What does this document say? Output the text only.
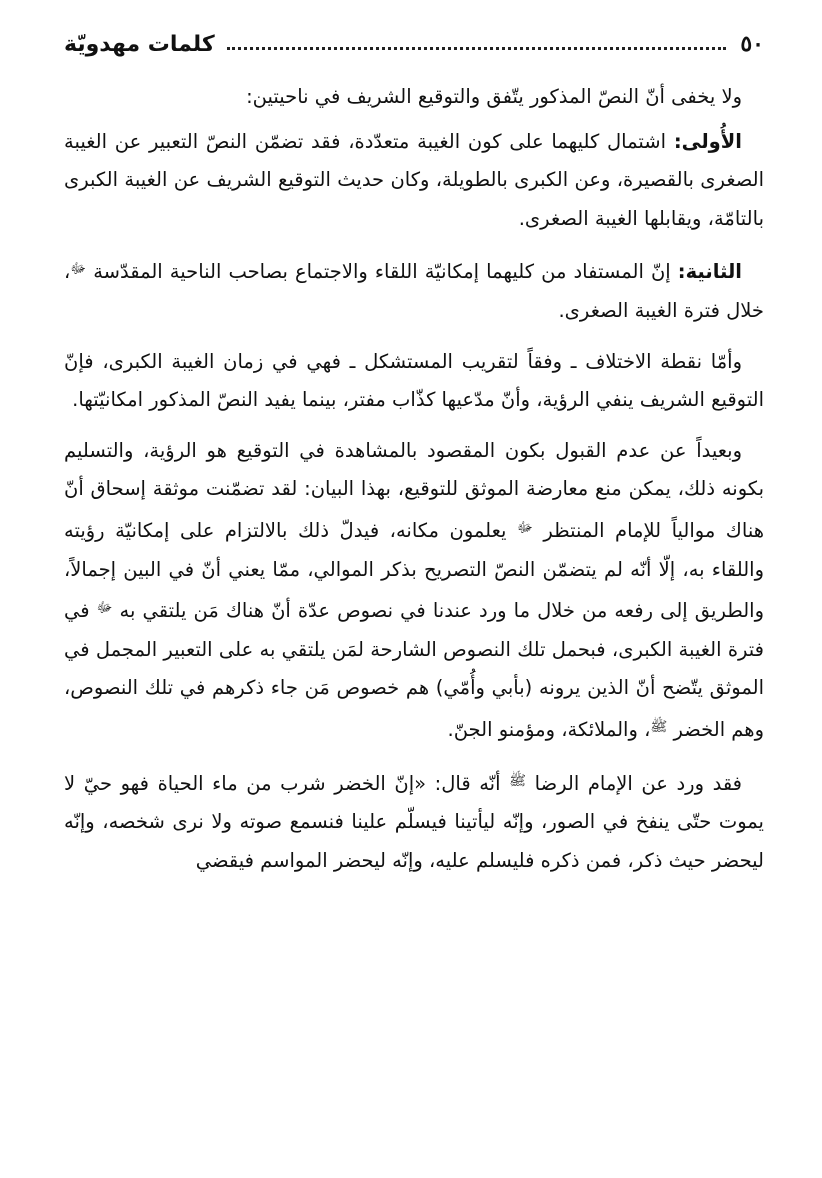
٥٠
كلمات مهدويّة

ولا يخفى أنّ النصّ المذكور يتّفق والتوقيع الشريف في ناحيتين:

الأُولى: اشتمال كليهما على كون الغيبة متعدّدة، فقد تضمّن النصّ التعبير عن الغيبة الصغرى بالقصيرة، وعن الكبرى بالطويلة، وكان حديث التوقيع الشريف عن الغيبة الكبرى بالتامّة، ويقابلها الغيبة الصغرى.

الثانية: إنّ المستفاد من كليهما إمكانيّة اللقاء والاجتماع بصاحب الناحية المقدّسة $^ﷻ$، خلال فترة الغيبة الصغرى.

وأمّا نقطة الاختلاف ـ وفقاً لتقريب المستشكل ـ فهي في زمان الغيبة الكبرى، فإنّ التوقيع الشريف ينفي الرؤية، وأنّ مدّعيها كذّاب مفتر، بينما يفيد النصّ المذكور امكانيّتها.

وبعيداً عن عدم القبول بكون المقصود بالمشاهدة في التوقيع هو الرؤية، والتسليم بكونه ذلك، يمكن منع معارضة الموثق للتوقيع، بهذا البيان: لقد تضمّنت موثقة إسحاق أنّ هناك موالياً للإمام المنتظر $^ﷻ$ يعلمون مكانه، فيدلّ ذلك بالالتزام على إمكانيّة رؤيته واللقاء به، إلّا أنّه لم يتضمّن النصّ التصريح بذكر الموالي، ممّا يعني أنّ في البين إجمالاً، والطريق إلى رفعه من خلال ما ورد عندنا في نصوص عدّة أنّ هناك مَن يلتقي به $^ﷻ$ في فترة الغيبة الكبرى، فبحمل تلك النصوص الشارحة لمَن يلتقي به على التعبير المجمل في الموثق يتّضح أنّ الذين يرونه (بأبي وأُمّي) هم خصوص مَن جاء ذكرهم في تلك النصوص، وهم الخضر $^ﷺ$، والملائكة، ومؤمنو الجنّ.

فقد ورد عن الإمام الرضا $^ﷺ$ أنّه قال: «إنّ الخضر شرب من ماء الحياة فهو حيّ لا يموت حتّى ينفخ في الصور، وإنّه ليأتينا فيسلّم علينا فنسمع صوته ولا نرى شخصه، وإنّه ليحضر حيث ذكر، فمن ذكره فليسلم عليه، وإنّه ليحضر المواسم فيقضي
